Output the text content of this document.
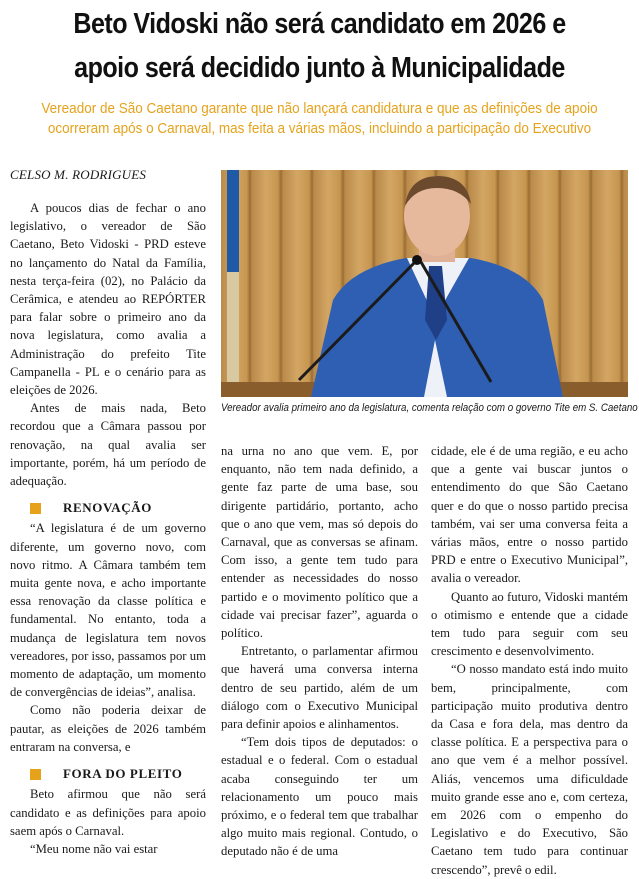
Beto Vidoski não será candidato em 2026 e apoio será decidido junto à Municipalidade

Vereador de São Caetano garante que não lançará candidatura e que as definições de apoio ocorreram após o Carnaval, mas feita a várias mãos, incluindo a participação do Executivo

CELSO M. RODRIGUES

A poucos dias de fechar o ano legislativo, o vereador de São Caetano, Beto Vidoski - PRD esteve no lançamento do Natal da Família, nesta terça-feira (02), no Palácio da Cerâmica, e atendeu ao REPÓRTER para falar sobre o primeiro ano da nova legislatura, como avalia a Administração do prefeito Tite Campanella - PL e o cenário para as eleições de 2026.

Antes de mais nada, Beto recordou que a Câmara passou por renovação, na qual avalia ser importante, porém, há um período de adequação.

RENOVAÇÃO

“A legislatura é de um governo diferente, um governo novo, com novo ritmo. A Câmara também tem muita gente nova, e acho importante essa renovação da classe política e fundamental. No entanto, toda a mudança de legislatura tem novos vereadores, por isso, passamos por um momento de adaptação, um momento de convergências de ideias”, analisa.

Como não poderia deixar de pautar, as eleições de 2026 também entraram na conversa, e

FORA DO PLEITO

Beto afirmou que não será candidato e as definições para apoio saem após o Carnaval.

“Meu nome não vai estar

Vereador avalia primeiro ano da legislatura, comenta relação com o governo Tite em S. Caetano

na urna no ano que vem. E, por enquanto, não tem nada definido, a gente faz parte de uma base, sou dirigente partidário, portanto, acho que o ano que vem, mas só depois do Carnaval, que as conversas se afinam. Com isso, a gente tem tudo para entender as necessidades do nosso partido e o movimento político que a cidade vai precisar fazer”, aguarda o político.

Entretanto, o parlamentar afirmou que haverá uma conversa interna dentro de seu partido, além de um diálogo com o Executivo Municipal para definir apoios e alinhamentos.

“Tem dois tipos de deputados: o estadual e o federal. Com o estadual acaba conseguindo ter um relacionamento um pouco mais próximo, e o federal tem que trabalhar algo muito mais regional. Contudo, o deputado não é de uma

cidade, ele é de uma região, e eu acho que a gente vai buscar juntos o entendimento do que São Caetano quer e do que o nosso partido precisa também, vai ser uma conversa feita a várias mãos, entre o nosso partido PRD e entre o Executivo Municipal”, avalia o vereador.

Quanto ao futuro, Vidoski mantém o otimismo e entende que a cidade tem tudo para seguir com seu crescimento e desenvolvimento.

“O nosso mandato está indo muito bem, principalmente, com participação muito produtiva dentro da Casa e fora dela, mas dentro da classe política. E a perspectiva para o ano que vem é a melhor possível. Aliás, vencemos uma dificuldade muito grande esse ano e, com certeza, em 2026 com o empenho do Legislativo e do Executivo, São Caetano tem tudo para continuar crescendo”, prevê o edil.
